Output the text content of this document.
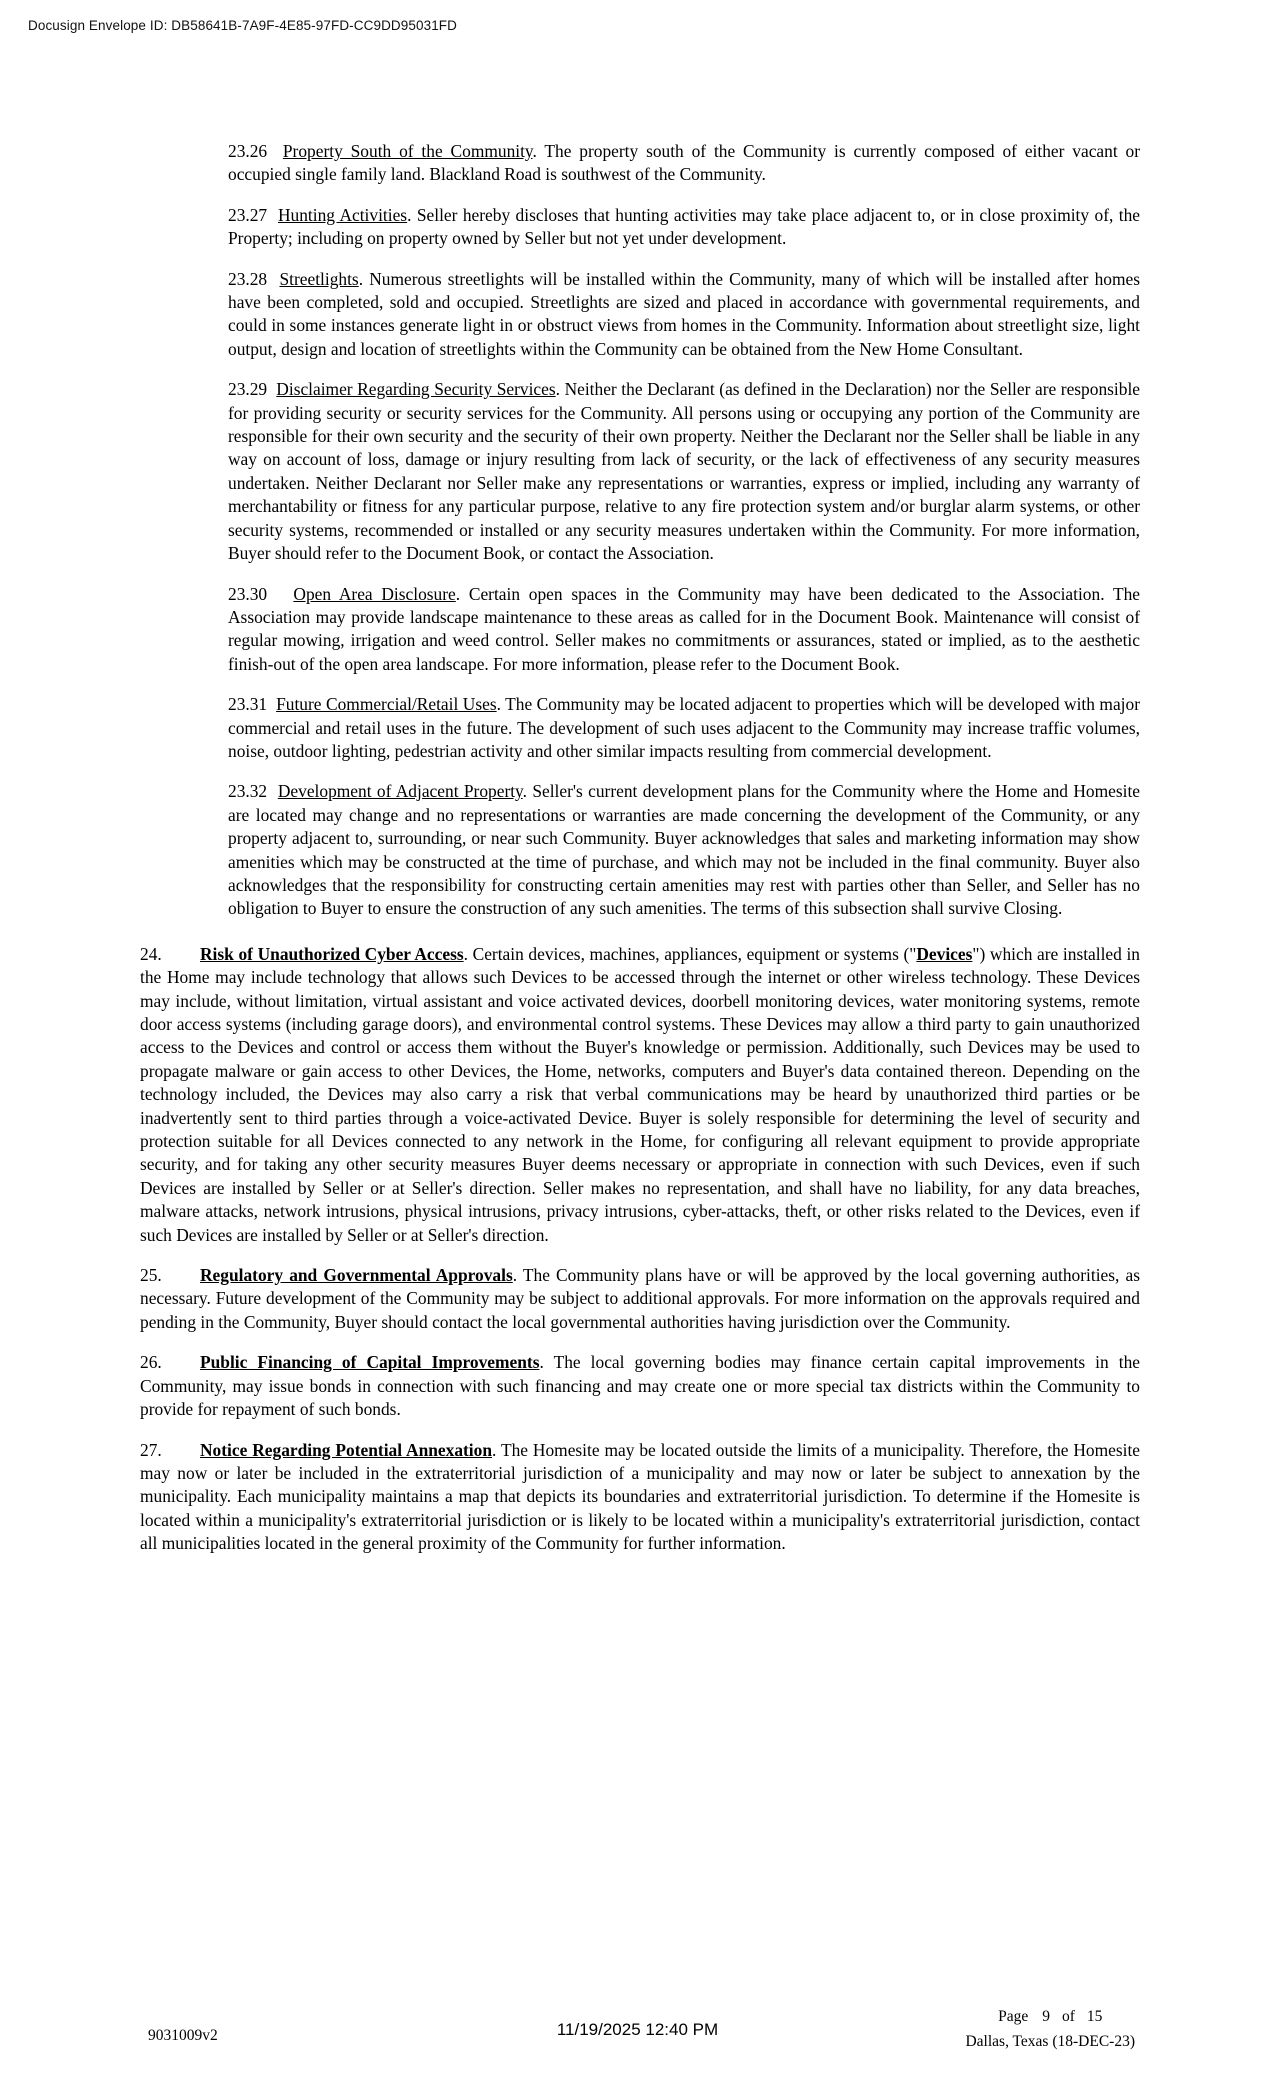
Docusign Envelope ID: DB58641B-7A9F-4E85-97FD-CC9DD95031FD

23.26 Property South of the Community. The property south of the Community is currently composed of either vacant or occupied single family land. Blackland Road is southwest of the Community.

23.27 Hunting Activities. Seller hereby discloses that hunting activities may take place adjacent to, or in close proximity of, the Property; including on property owned by Seller but not yet under development.

23.28 Streetlights. Numerous streetlights will be installed within the Community, many of which will be installed after homes have been completed, sold and occupied. Streetlights are sized and placed in accordance with governmental requirements, and could in some instances generate light in or obstruct views from homes in the Community. Information about streetlight size, light output, design and location of streetlights within the Community can be obtained from the New Home Consultant.

23.29 Disclaimer Regarding Security Services. Neither the Declarant (as defined in the Declaration) nor the Seller are responsible for providing security or security services for the Community. All persons using or occupying any portion of the Community are responsible for their own security and the security of their own property. Neither the Declarant nor the Seller shall be liable in any way on account of loss, damage or injury resulting from lack of security, or the lack of effectiveness of any security measures undertaken. Neither Declarant nor Seller make any representations or warranties, express or implied, including any warranty of merchantability or fitness for any particular purpose, relative to any fire protection system and/or burglar alarm systems, or other security systems, recommended or installed or any security measures undertaken within the Community. For more information, Buyer should refer to the Document Book, or contact the Association.

23.30 Open Area Disclosure. Certain open spaces in the Community may have been dedicated to the Association. The Association may provide landscape maintenance to these areas as called for in the Document Book. Maintenance will consist of regular mowing, irrigation and weed control. Seller makes no commitments or assurances, stated or implied, as to the aesthetic finish-out of the open area landscape. For more information, please refer to the Document Book.

23.31 Future Commercial/Retail Uses. The Community may be located adjacent to properties which will be developed with major commercial and retail uses in the future. The development of such uses adjacent to the Community may increase traffic volumes, noise, outdoor lighting, pedestrian activity and other similar impacts resulting from commercial development.

23.32 Development of Adjacent Property. Seller's current development plans for the Community where the Home and Homesite are located may change and no representations or warranties are made concerning the development of the Community, or any property adjacent to, surrounding, or near such Community. Buyer acknowledges that sales and marketing information may show amenities which may be constructed at the time of purchase, and which may not be included in the final community. Buyer also acknowledges that the responsibility for constructing certain amenities may rest with parties other than Seller, and Seller has no obligation to Buyer to ensure the construction of any such amenities. The terms of this subsection shall survive Closing.

24. Risk of Unauthorized Cyber Access. Certain devices, machines, appliances, equipment or systems ("Devices") which are installed in the Home may include technology that allows such Devices to be accessed through the internet or other wireless technology. These Devices may include, without limitation, virtual assistant and voice activated devices, doorbell monitoring devices, water monitoring systems, remote door access systems (including garage doors), and environmental control systems. These Devices may allow a third party to gain unauthorized access to the Devices and control or access them without the Buyer's knowledge or permission. Additionally, such Devices may be used to propagate malware or gain access to other Devices, the Home, networks, computers and Buyer's data contained thereon. Depending on the technology included, the Devices may also carry a risk that verbal communications may be heard by unauthorized third parties or be inadvertently sent to third parties through a voice-activated Device. Buyer is solely responsible for determining the level of security and protection suitable for all Devices connected to any network in the Home, for configuring all relevant equipment to provide appropriate security, and for taking any other security measures Buyer deems necessary or appropriate in connection with such Devices, even if such Devices are installed by Seller or at Seller's direction. Seller makes no representation, and shall have no liability, for any data breaches, malware attacks, network intrusions, physical intrusions, privacy intrusions, cyber-attacks, theft, or other risks related to the Devices, even if such Devices are installed by Seller or at Seller's direction.

25. Regulatory and Governmental Approvals. The Community plans have or will be approved by the local governing authorities, as necessary. Future development of the Community may be subject to additional approvals. For more information on the approvals required and pending in the Community, Buyer should contact the local governmental authorities having jurisdiction over the Community.

26. Public Financing of Capital Improvements. The local governing bodies may finance certain capital improvements in the Community, may issue bonds in connection with such financing and may create one or more special tax districts within the Community to provide for repayment of such bonds.

27. Notice Regarding Potential Annexation. The Homesite may be located outside the limits of a municipality. Therefore, the Homesite may now or later be included in the extraterritorial jurisdiction of a municipality and may now or later be subject to annexation by the municipality. Each municipality maintains a map that depicts its boundaries and extraterritorial jurisdiction. To determine if the Homesite is located within a municipality's extraterritorial jurisdiction or is likely to be located within a municipality's extraterritorial jurisdiction, contact all municipalities located in the general proximity of the Community for further information.

9031009v2	11/19/2025 12:40 PM
Page 9 of 15
Dallas, Texas (18-DEC-23)
